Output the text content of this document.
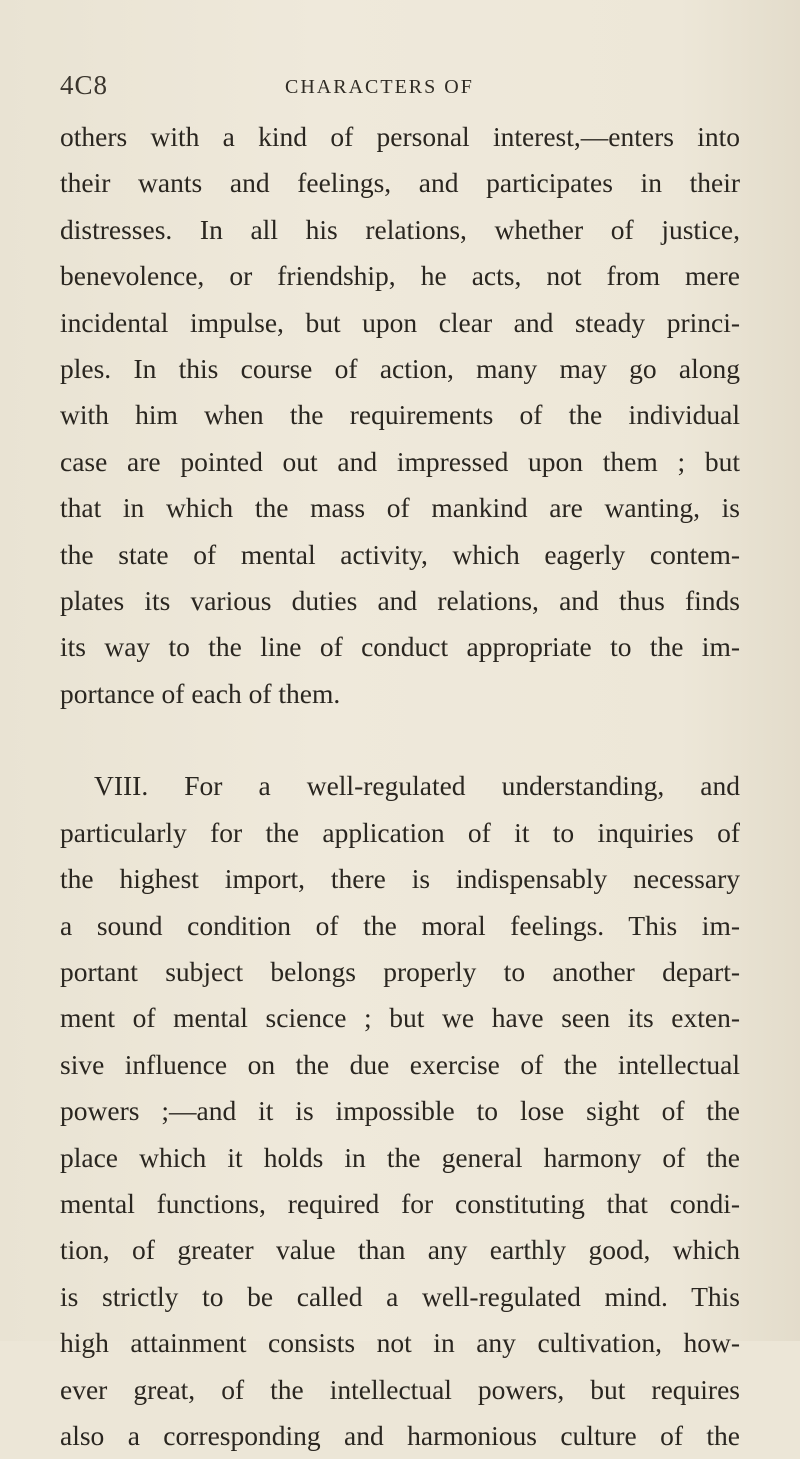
4C8	CHARACTERS OF
others with a kind of personal interest,—enters into
their wants and feelings, and participates in their
distresses. In all his relations, whether of justice,
benevolence, or friendship, he acts, not from mere
incidental impulse, but upon clear and steady princi-
ples. In this course of action, many may go along
with him when the requirements of the individual
case are pointed out and impressed upon them ; but
that in which the mass of mankind are wanting, is
the state of mental activity, which eagerly contem-
plates its various duties and relations, and thus finds
its way to the line of conduct appropriate to the im-
portance of each of them.
VIII. For a well-regulated understanding, and
particularly for the application of it to inquiries of
the highest import, there is indispensably necessary
a sound condition of the moral feelings. This im-
portant subject belongs properly to another depart-
ment of mental science ; but we have seen its exten-
sive influence on the due exercise of the intellectual
powers ;—and it is impossible to lose sight of the
place which it holds in the general harmony of the
mental functions, required for constituting that condi-
tion, of greater value than any earthly good, which
is strictly to be called a well-regulated mind. This
high attainment consists not in any cultivation, how-
ever great, of the intellectual powers, but requires
also a corresponding and harmonious culture of the
